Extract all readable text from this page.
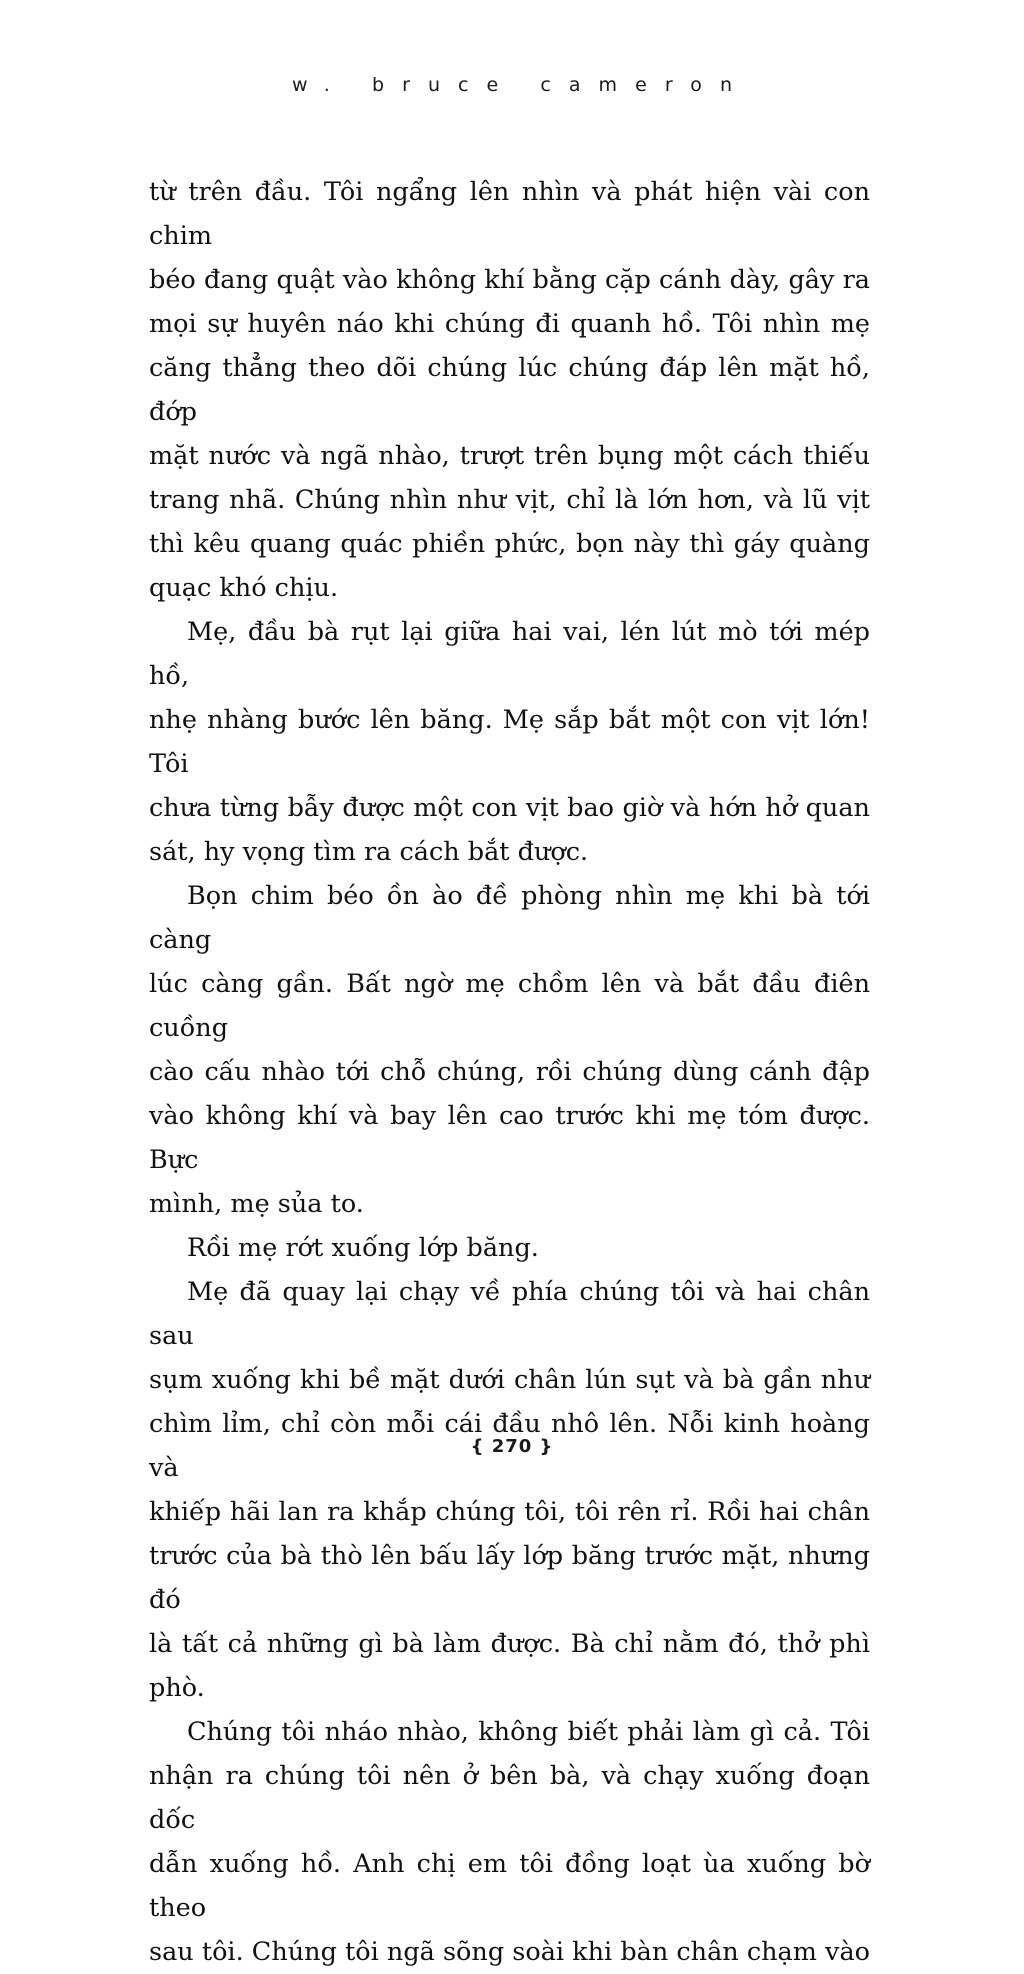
w. bruce cameron

từ trên đầu. Tôi ngẩng lên nhìn và phát hiện vài con chim

béo đang quật vào không khí bằng cặp cánh dày, gây ra

mọi sự huyên náo khi chúng đi quanh hồ. Tôi nhìn mẹ

căng thẳng theo dõi chúng lúc chúng đáp lên mặt hồ, đớp

mặt nước và ngã nhào, trượt trên bụng một cách thiếu

trang nhã. Chúng nhìn như vịt, chỉ là lớn hơn, và lũ vịt

thì kêu quang quác phiền phức, bọn này thì gáy quàng

quạc khó chịu.

Mẹ, đầu bà rụt lại giữa hai vai, lén lút mò tới mép hồ,

nhẹ nhàng bước lên băng. Mẹ sắp bắt một con vịt lớn! Tôi

chưa từng bẫy được một con vịt bao giờ và hớn hở quan

sát, hy vọng tìm ra cách bắt được.

Bọn chim béo ồn ào đề phòng nhìn mẹ khi bà tới càng

lúc càng gần. Bất ngờ mẹ chồm lên và bắt đầu điên cuồng

cào cấu nhào tới chỗ chúng, rồi chúng dùng cánh đập

vào không khí và bay lên cao trước khi mẹ tóm được. Bực

mình, mẹ sủa to.

Rồi mẹ rớt xuống lớp băng.

Mẹ đã quay lại chạy về phía chúng tôi và hai chân sau

sụm xuống khi bề mặt dưới chân lún sụt và bà gần như

chìm lỉm, chỉ còn mỗi cái đầu nhô lên. Nỗi kinh hoàng và

khiếp hãi lan ra khắp chúng tôi, tôi rên rỉ. Rồi hai chân

trước của bà thò lên bấu lấy lớp băng trước mặt, nhưng đó

là tất cả những gì bà làm được. Bà chỉ nằm đó, thở phì phò.

Chúng tôi nháo nhào, không biết phải làm gì cả. Tôi

nhận ra chúng tôi nên ở bên bà, và chạy xuống đoạn dốc

dẫn xuống hồ. Anh chị em tôi đồng loạt ùa xuống bờ theo

sau tôi. Chúng tôi ngã sõng soài khi bàn chân chạm vào

{ 270 }
